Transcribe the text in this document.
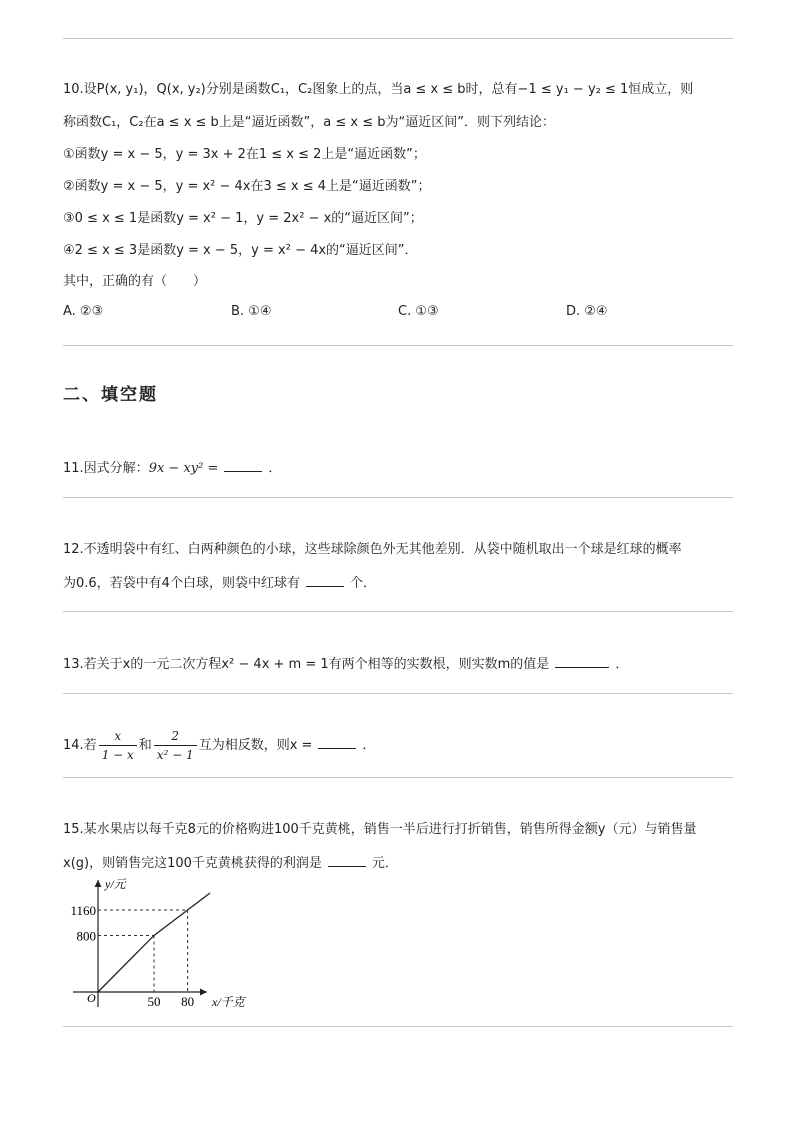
10.设P(x, y₁)，Q(x, y₂)分别是函数C₁，C₂图象上的点，当a ≤ x ≤ b时，总有−1 ≤ y₁ − y₂ ≤ 1恒成立，则
称函数C₁，C₂在a ≤ x ≤ b上是“逼近函数”，a ≤ x ≤ b为“逼近区间”．则下列结论：
①函数y = x − 5，y = 3x + 2在1 ≤ x ≤ 2上是“逼近函数”；
②函数y = x − 5，y = x² − 4x在3 ≤ x ≤ 4上是“逼近函数”；
③0 ≤ x ≤ 1是函数y = x² − 1，y = 2x² − x的“逼近区间”；
④2 ≤ x ≤ 3是函数y = x − 5，y = x² − 4x的“逼近区间”．
其中，正确的有（　　）
A. ②③	B. ①④	C. ①③	D. ②④
二、填空题
11.因式分解：9x − xy² =	．
12.不透明袋中有红、白两种颜色的小球，这些球除颜色外无其他差别．从袋中随机取出一个球是红球的概率
为0.6，若袋中有4个白球，则袋中红球有	个．
13.若关于x的一元二次方程x² − 4x + m = 1有两个相等的实数根，则实数m的值是	．
14.若 $\frac{x}{1 - x}$ 和 $\frac{2}{\text{x² − 1}}$ 互为相反数，则x =	．
15.某水果店以每千克8元的价格购进100千克黄桃，销售一半后进行打折销售，销售所得金额y（元）与销售量
x(g)，则销售完这100千克黄桃获得的利润是	元．
y/元
x/千克
O	50 80
800
1160
